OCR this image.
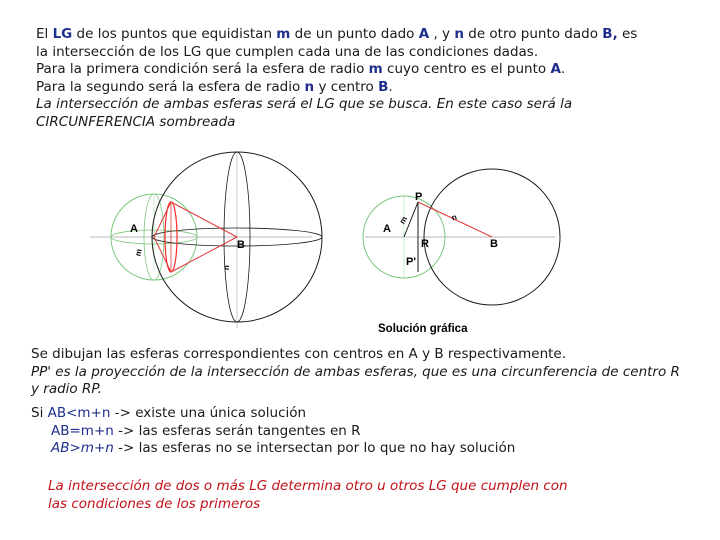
El LG de los puntos que equidistan m de un punto dado A , y n de otro punto dado B, es
la intersección de los LG que cumplen cada una de las condiciones dadas.
Para la primera condición será la esfera de radio m cuyo centro es el punto A.
Para la segundo será la esfera de radio n y centro B.
La intersección de ambas esferas será el LG que se busca. En este caso será la
CIRCUNFERENCIA sombreada
A
B
m
n
A
B
R
P
P'
m	n
Solución gráfica
Se dibujan las esferas correspondientes con centros en A y B respectivamente.
PP' es la proyección de la intersección de ambas esferas, que es una circunferencia de centro R
y radio RP.
Si AB<m+n -> existe una única solución
AB=m+n -> las esferas serán tangentes en R
AB>m+n -> las esferas no se intersectan por lo que no hay solución
La intersección de dos o más LG determina otro u otros LG que cumplen con
las condiciones de los primeros
